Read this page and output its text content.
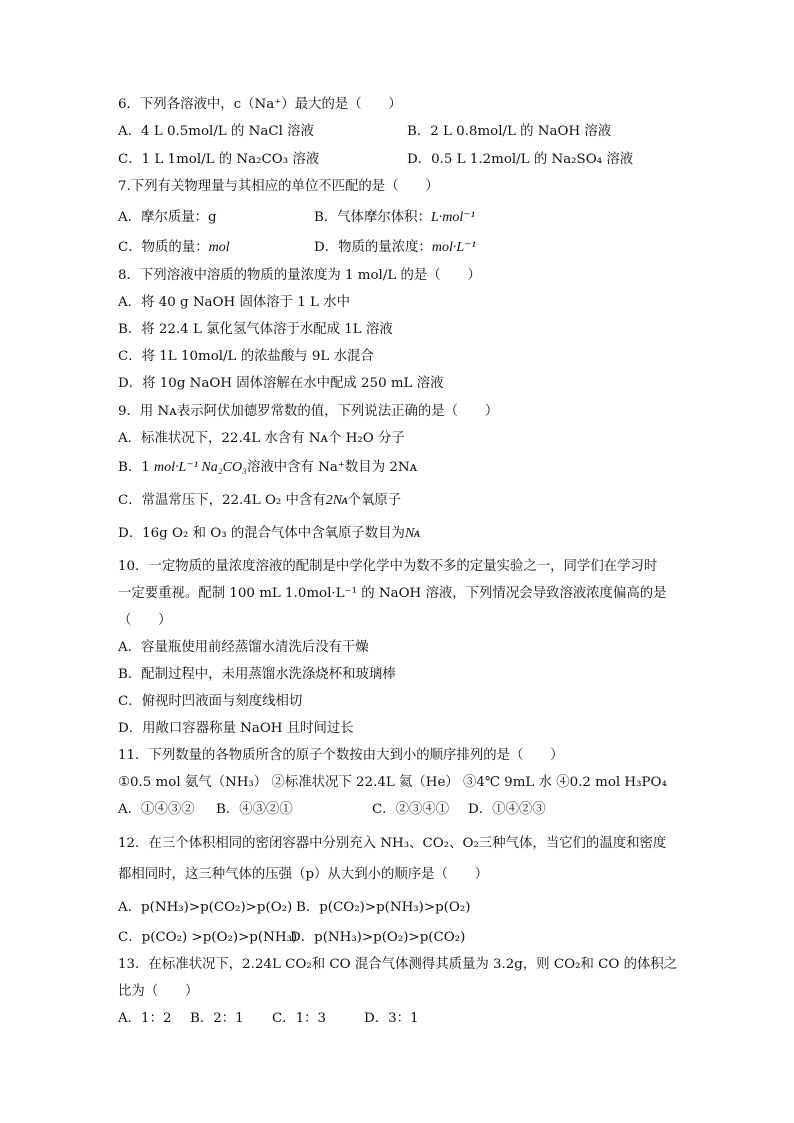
6．下列各溶液中，c（Na⁺）最大的是（　　）
A．4 L 0.5mol/L 的 NaCl 溶液	B．2 L 0.8mol/L 的 NaOH 溶液
C．1 L 1mol/L 的 Na₂CO₃ 溶液	D．0.5 L 1.2mol/L 的 Na₂SO₄ 溶液
7.下列有关物理量与其相应的单位不匹配的是（　　）
A．摩尔质量：g	B．气体摩尔体积：L·mol⁻¹
C．物质的量：mol	D．物质的量浓度：mol·L⁻¹
8．下列溶液中溶质的物质的量浓度为 1 mol/L 的是（　　）
A．将 40 g NaOH 固体溶于 1 L 水中
B．将 22.4 L 氯化氢气体溶于水配成 1L 溶液
C．将 1L 10mol/L 的浓盐酸与 9L 水混合
D．将 10g NaOH 固体溶解在水中配成 250 mL 溶液
9．用 Nᴀ表示阿伏加德罗常数的值，下列说法正确的是（　　）
A．标准状况下，22.4L 水含有 Nᴀ个 H₂O 分子
B．1 mol·L⁻¹ Na₂CO₃溶液中含有 Na⁺数目为 2Nᴀ
C．常温常压下，22.4L O₂ 中含有2Nᴀ个氧原子
D．16g O₂ 和 O₃ 的混合气体中含氧原子数目为Nᴀ
10．一定物质的量浓度溶液的配制是中学化学中为数不多的定量实验之一，同学们在学习时
一定要重视。配制 100 mL 1.0mol·L⁻¹ 的 NaOH 溶液，下列情况会导致溶液浓度偏高的是
（　　）
A．容量瓶使用前经蒸馏水清洗后没有干燥
B．配制过程中，未用蒸馏水洗涤烧杯和玻璃棒
C．俯视时凹液面与刻度线相切
D．用敞口容器称量 NaOH 且时间过长
11．下列数量的各物质所含的原子个数按由大到小的顺序排列的是（　　）
①0.5 mol 氨气（NH₃） ②标准状况下 22.4L 氦（He） ③4℃ 9mL 水 ④0.2 mol H₃PO₄
A．①④③② B．④③②①	C．②③④① D．①④②③
12．在三个体积相同的密闭容器中分别充入 NH₃、CO₂、O₂三种气体，当它们的温度和密度
都相同时，这三种气体的压强（p）从大到小的顺序是（　　）
A．p(NH₃)>p(CO₂)>p(O₂) B．p(CO₂)>p(NH₃)>p(O₂)
C．p(CO₂) >p(O₂)>p(NH₃)
D．p(NH₃)>p(O₂)>p(CO₂)
13．在标准状况下，2.24L CO₂和 CO 混合气体测得其质量为 3.2g，则 CO₂和 CO 的体积之
比为（　　）
A．1：2 B．2：1 C．1：3	D．3：1
